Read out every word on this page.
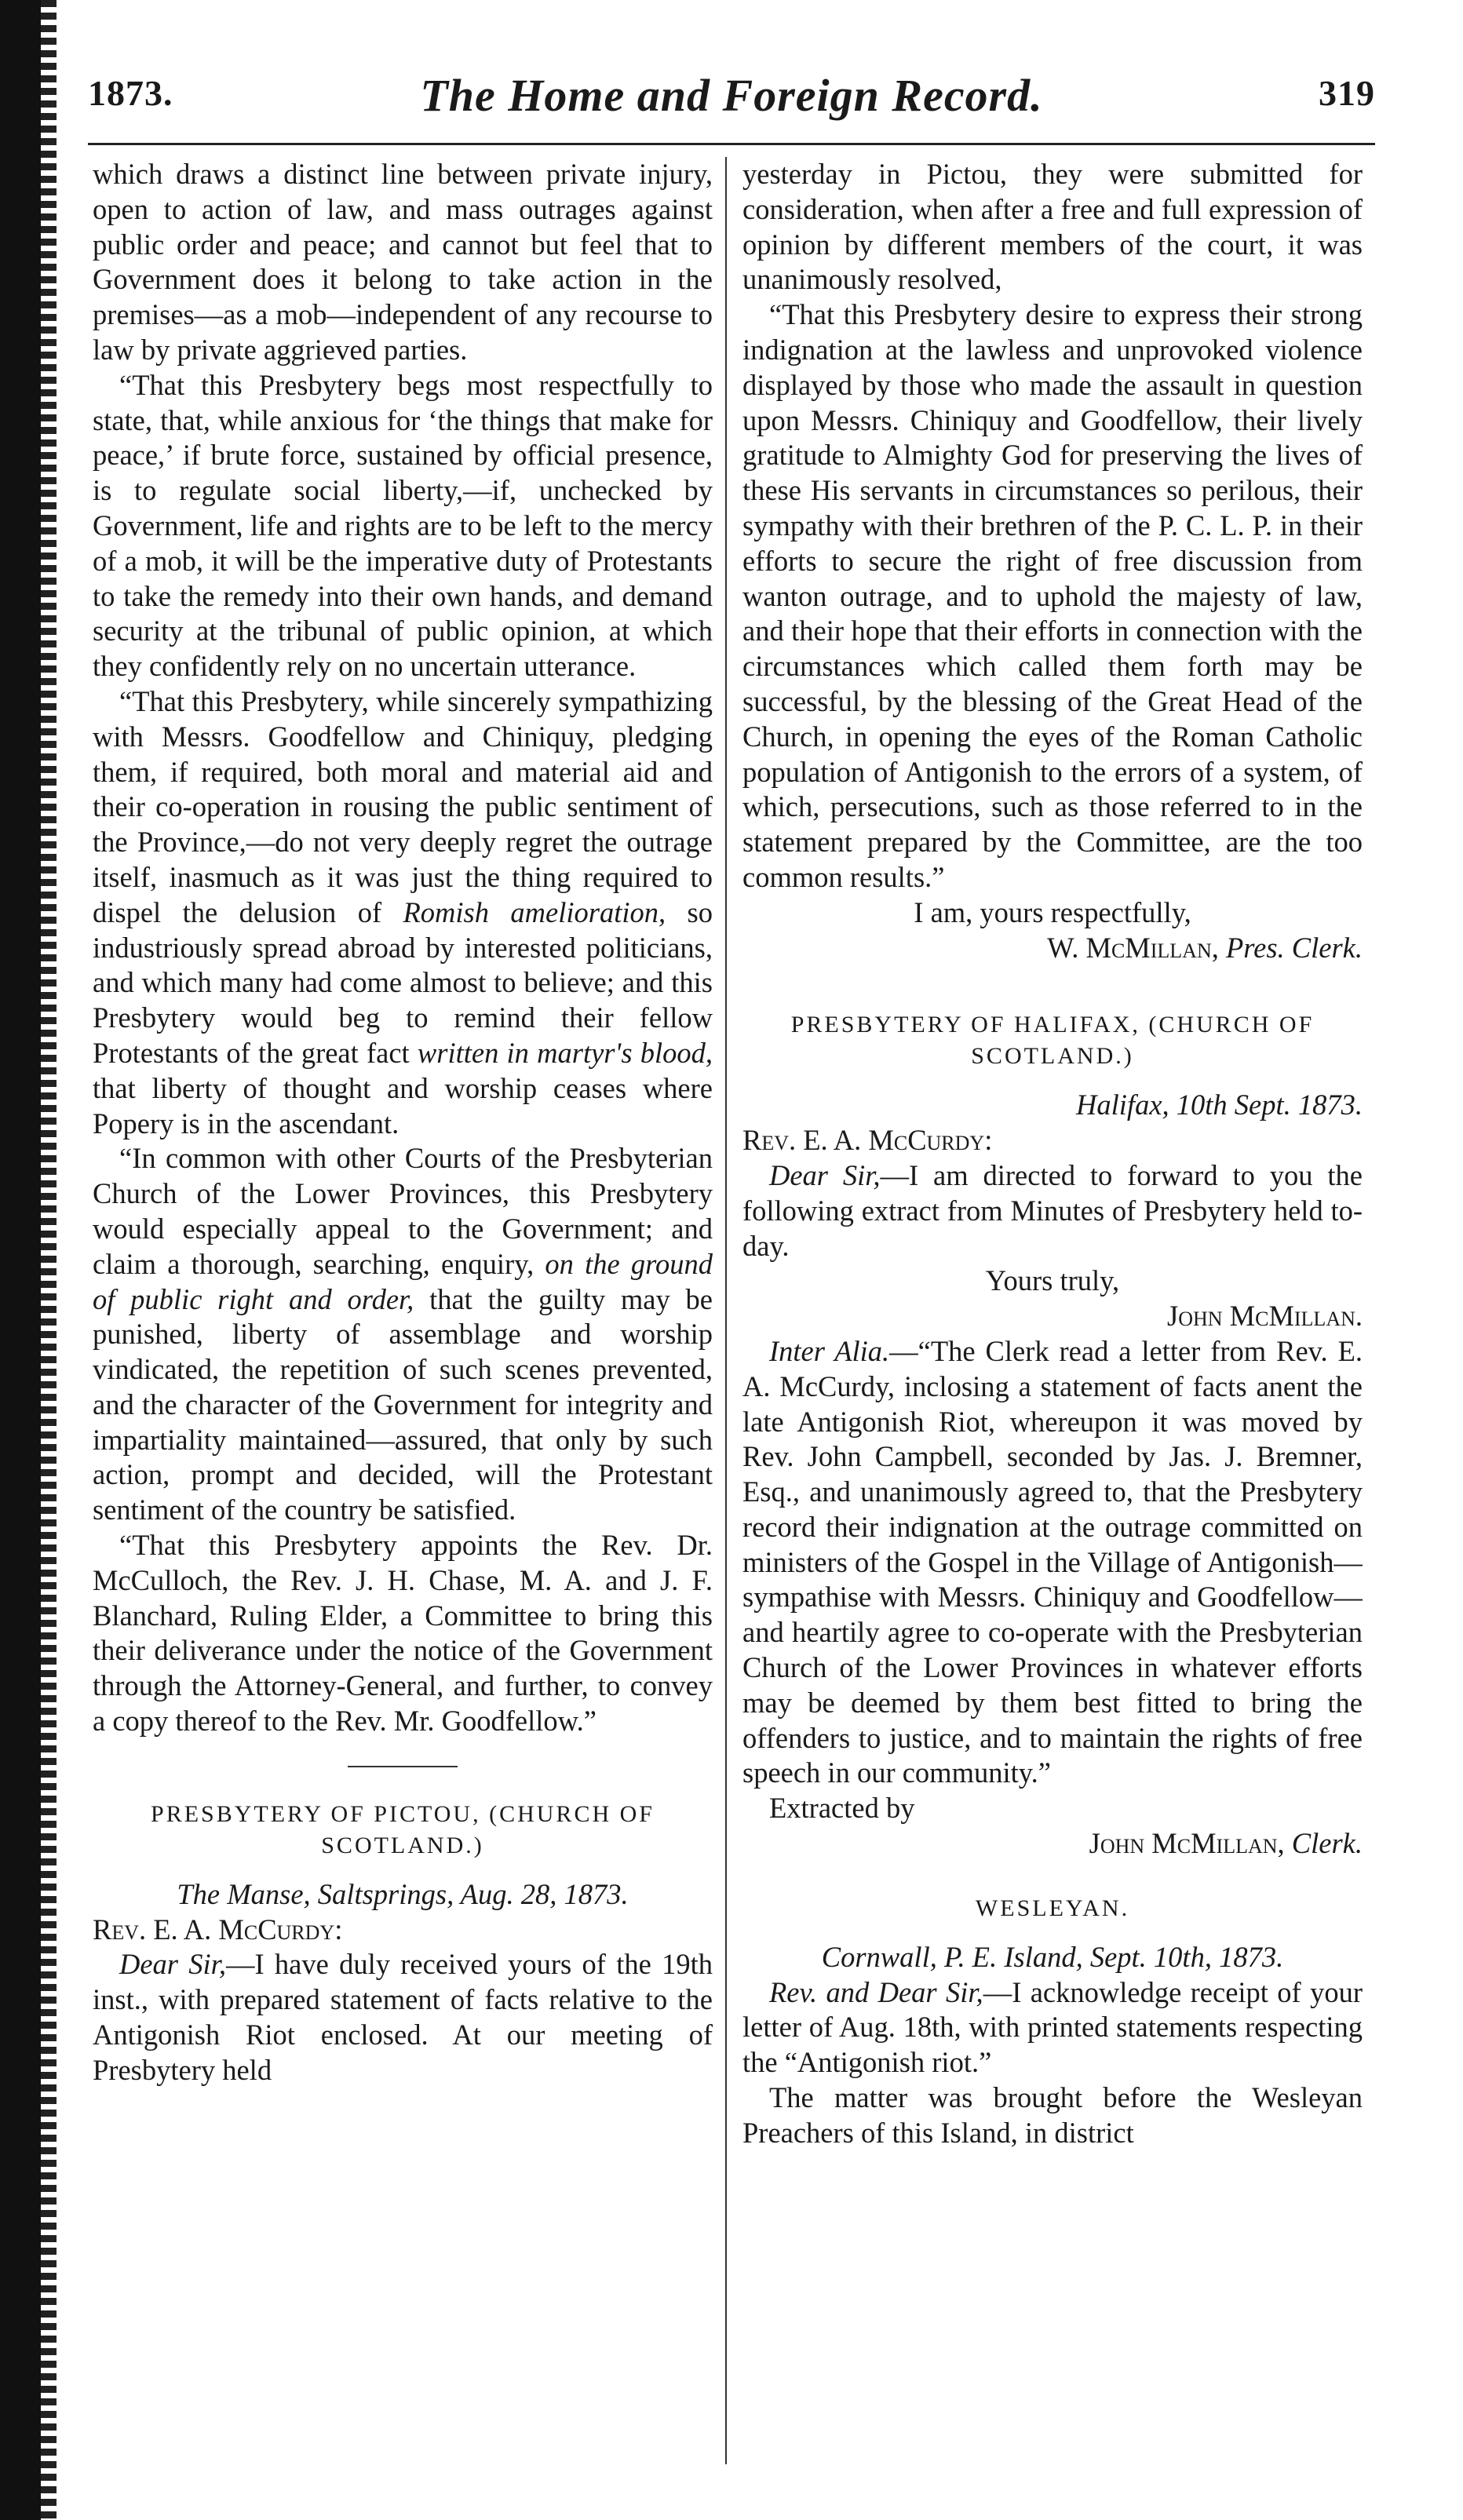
1873.	The Home and Foreign Record.	319

which draws a distinct line between private injury, open to action of law, and mass outrages against public order and peace; and cannot but feel that to Government does it belong to take action in the premises—as a mob—independent of any recourse to law by private aggrieved parties.

“That this Presbytery begs most respectfully to state, that, while anxious for ‘the things that make for peace,’ if brute force, sustained by official presence, is to regulate social liberty,—if, unchecked by Government, life and rights are to be left to the mercy of a mob, it will be the imperative duty of Protestants to take the remedy into their own hands, and demand security at the tribunal of public opinion, at which they confidently rely on no uncertain utterance.

“That this Presbytery, while sincerely sympathizing with Messrs. Goodfellow and Chiniquy, pledging them, if required, both moral and material aid and their co-operation in rousing the public sentiment of the Province,—do not very deeply regret the outrage itself, inasmuch as it was just the thing required to dispel the delusion of Romish amelioration, so industriously spread abroad by interested politicians, and which many had come almost to believe; and this Presbytery would beg to remind their fellow Protestants of the great fact written in martyr's blood, that liberty of thought and worship ceases where Popery is in the ascendant.

“In common with other Courts of the Presbyterian Church of the Lower Provinces, this Presbytery would especially appeal to the Government; and claim a thorough, searching, enquiry, on the ground of public right and order, that the guilty may be punished, liberty of assemblage and worship vindicated, the repetition of such scenes prevented, and the character of the Government for integrity and impartiality maintained—assured, that only by such action, prompt and decided, will the Protestant sentiment of the country be satisfied.

“That this Presbytery appoints the Rev. Dr. McCulloch, the Rev. J. H. Chase, M. A. and J. F. Blanchard, Ruling Elder, a Committee to bring this their deliverance under the notice of the Government through the Attorney-General, and further, to convey a copy thereof to the Rev. Mr. Goodfellow.”

PRESBYTERY OF PICTOU, (CHURCH OF SCOTLAND.)

The Manse, Saltsprings, Aug. 28, 1873.

Rev. E. A. McCurdy:

Dear Sir,—I have duly received yours of the 19th inst., with prepared statement of facts relative to the Antigonish Riot enclosed. At our meeting of Presbytery held

yesterday in Pictou, they were submitted for consideration, when after a free and full expression of opinion by different members of the court, it was unanimously resolved,

“That this Presbytery desire to express their strong indignation at the lawless and unprovoked violence displayed by those who made the assault in question upon Messrs. Chiniquy and Goodfellow, their lively gratitude to Almighty God for preserving the lives of these His servants in circumstances so perilous, their sympathy with their brethren of the P. C. L. P. in their efforts to secure the right of free discussion from wanton outrage, and to uphold the majesty of law, and their hope that their efforts in connection with the circumstances which called them forth may be successful, by the blessing of the Great Head of the Church, in opening the eyes of the Roman Catholic population of Antigonish to the errors of a system, of which, persecutions, such as those referred to in the statement prepared by the Committee, are the too common results.”

I am, yours respectfully,

W. McMillan, Pres. Clerk.

PRESBYTERY OF HALIFAX, (CHURCH OF SCOTLAND.)

Halifax, 10th Sept. 1873.

Rev. E. A. McCurdy:

Dear Sir,—I am directed to forward to you the following extract from Minutes of Presbytery held to-day.

Yours truly,

John McMillan.

Inter Alia.—“The Clerk read a letter from Rev. E. A. McCurdy, inclosing a statement of facts anent the late Antigonish Riot, whereupon it was moved by Rev. John Campbell, seconded by Jas. J. Bremner, Esq., and unanimously agreed to, that the Presbytery record their indignation at the outrage committed on ministers of the Gospel in the Village of Antigonish—sympathise with Messrs. Chiniquy and Goodfellow—and heartily agree to co-operate with the Presbyterian Church of the Lower Provinces in whatever efforts may be deemed by them best fitted to bring the offenders to justice, and to maintain the rights of free speech in our community.”

Extracted by

John McMillan, Clerk.

WESLEYAN.

Cornwall, P. E. Island, Sept. 10th, 1873.

Rev. and Dear Sir,—I acknowledge receipt of your letter of Aug. 18th, with printed statements respecting the “Antigonish riot.”

The matter was brought before the Wesleyan Preachers of this Island, in district
